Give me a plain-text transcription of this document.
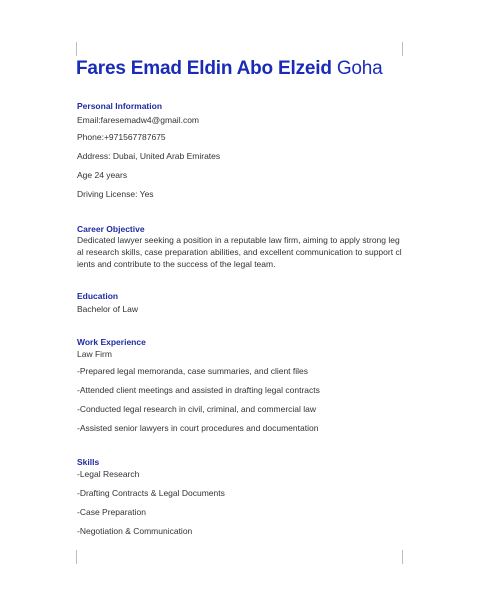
Fares Emad Eldin Abo Elzeid Goha
Personal Information
Email:faresemadw4@gmail.com
Phone:+971567787675
Address: Dubai, United Arab Emirates
Age 24 years
Driving License: Yes
Career Objective
Dedicated lawyer seeking a position in a reputable law firm, aiming to apply strong legal research skills, case preparation abilities, and excellent communication to support clients and contribute to the success of the legal team.
Education
Bachelor of Law
Work Experience
Law Firm
-Prepared legal memoranda, case summaries, and client files
-Attended client meetings and assisted in drafting legal contracts
-Conducted legal research in civil, criminal, and commercial law
-Assisted senior lawyers in court procedures and documentation
Skills
-Legal Research
-Drafting Contracts & Legal Documents
-Case Preparation
-Negotiation & Communication
